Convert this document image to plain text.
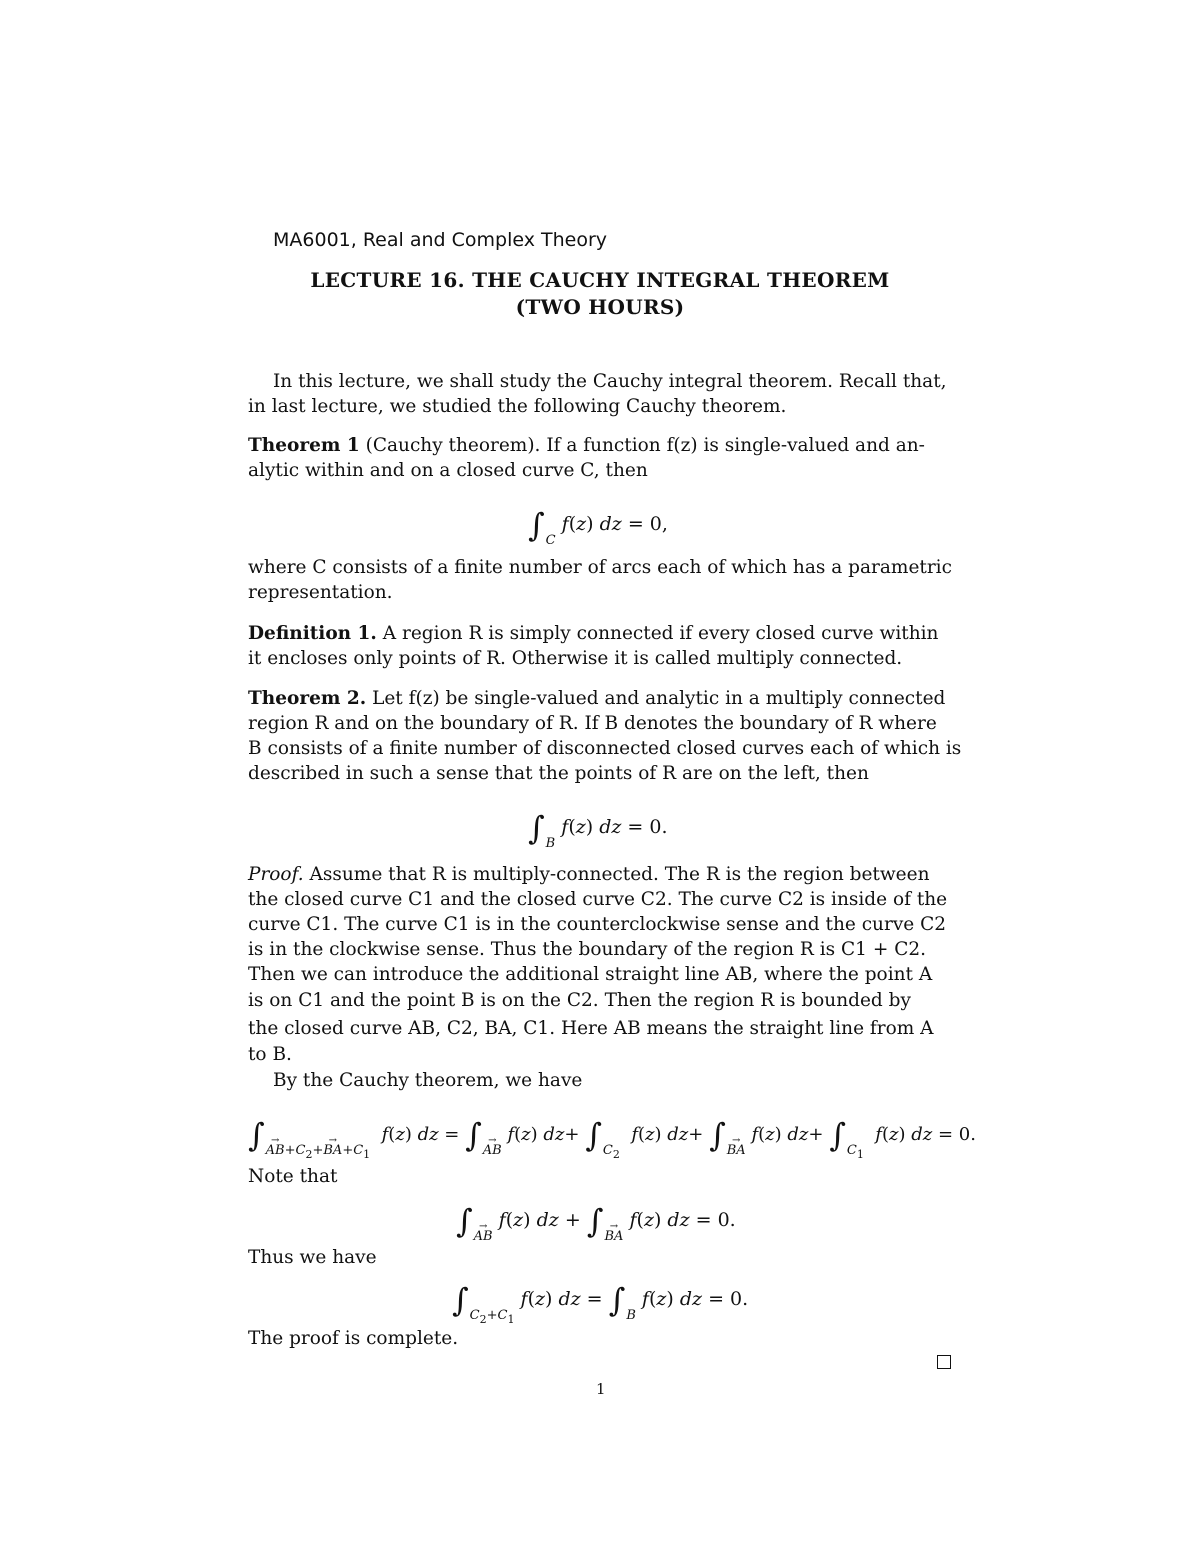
MA6001, Real and Complex Theory
LECTURE 16. THE CAUCHY INTEGRAL THEOREM
(TWO HOURS)
In this lecture, we shall study the Cauchy integral theorem. Recall that,
in last lecture, we studied the following Cauchy theorem.
Theorem 1 (Cauchy theorem). If a function f(z) is single-valued and an-
alytic within and on a closed curve C, then
$\int_C$ f(z) dz = 0,
where C consists of a finite number of arcs each of which has a parametric
representation.
Definition 1. A region R is simply connected if every closed curve within
it encloses only points of R. Otherwise it is called multiply connected.
Theorem 2. Let f(z) be single-valued and analytic in a multiply connected
region R and on the boundary of R. If B denotes the boundary of R where
B consists of a finite number of disconnected closed curves each of which is
described in such a sense that the points of R are on the left, then
$\int_B$ f(z) dz = 0.
Proof. Assume that R is multiply-connected. The R is the region between
the closed curve C1 and the closed curve C2. The curve C2 is inside of the
curve C1. The curve C1 is in the counterclockwise sense and the curve C2
is in the clockwise sense. Thus the boundary of the region R is C1 + C2.
Then we can introduce the additional straight line AB, where the point A
is on C1 and the point B is on the C2. Then the region R is bounded by
the closed curve AB, C2, BA, C1. Here AB means the straight line from A
to B.
By the Cauchy theorem, we have
∫ $_{\to AB+C_2+ \to BA+C_1}$  f(z) dz = ∫ $_{\to AB}$ f(z) $dz+ \int_{C_2}$  f(z) dz+ ∫ $_{\to BA}$ f(z) $dz+ \int_{C_1}$  f(z) dz = 0.
Note that
∫ $_{\to AB}$ f(z) dz + ∫ $_{\to BA}$ f(z) dz = 0.
Thus we have
$\int_{C_2+C_1}$ f(z) dz = $\int_B$ f(z) dz = 0.
The proof is complete.
1
